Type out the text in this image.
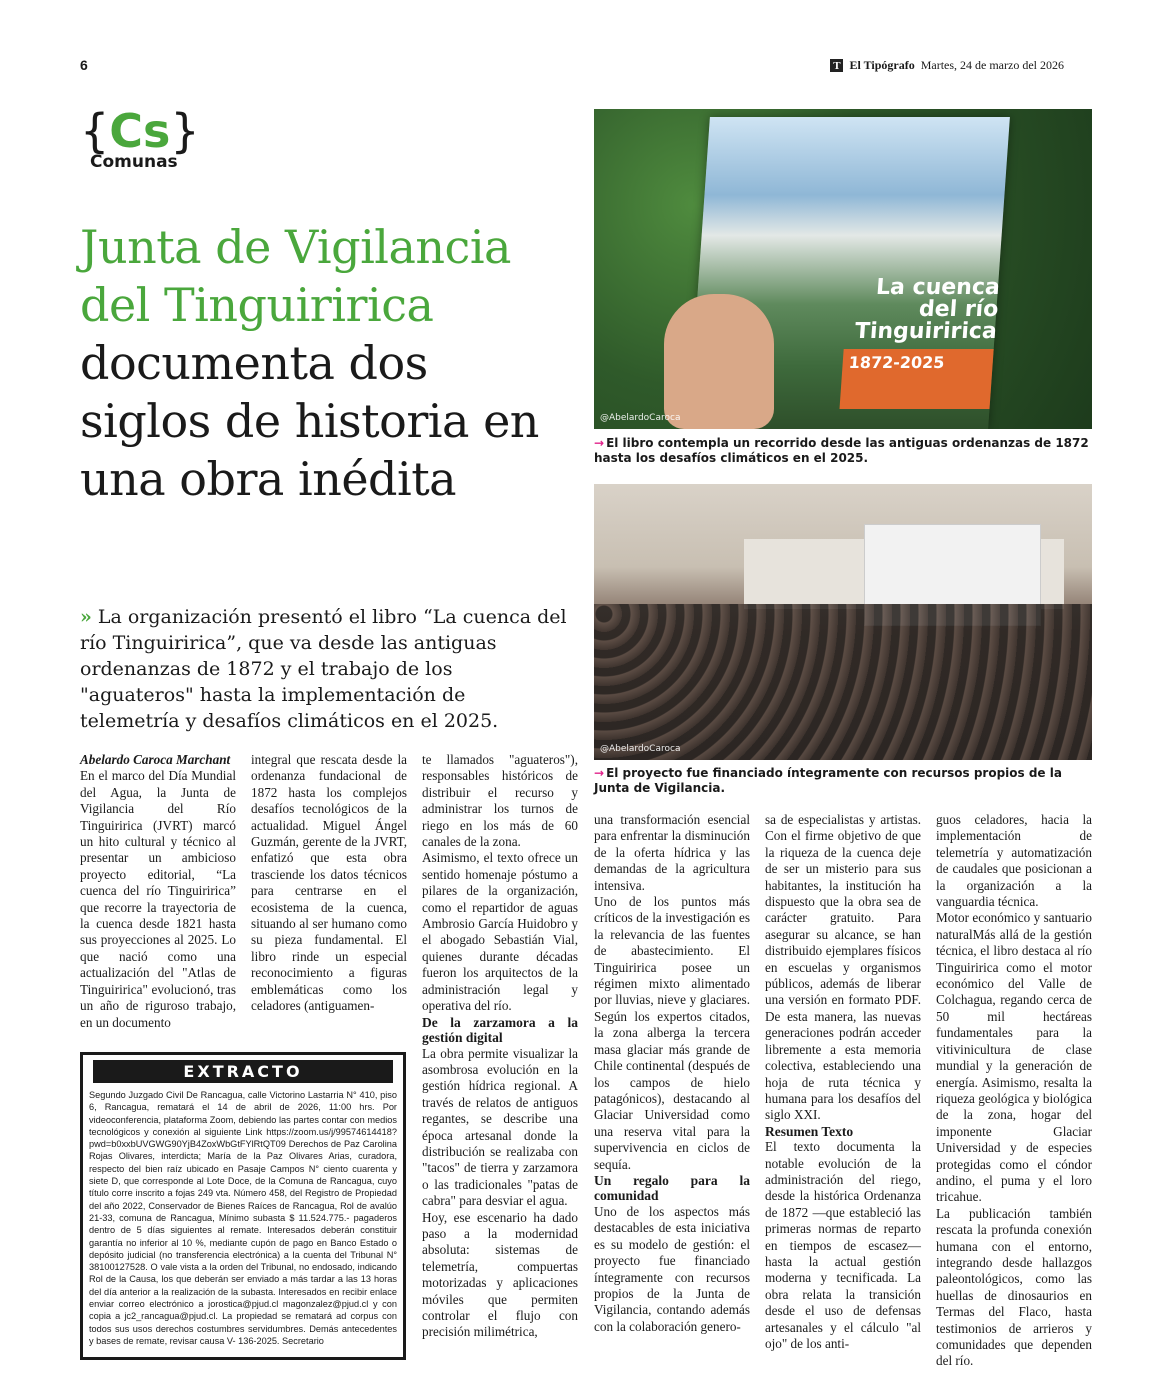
6	T El Tipógrafo Martes, 24 de marzo del 2026
{Cs}
Comunas
Junta de Vigilancia
del Tinguiririca
documenta dos
siglos de historia en
una obra inédita
» La organización presentó el libro “La cuenca del río Tinguiririca”, que va desde las antiguas ordenanzas de 1872 y el trabajo de los "aguateros" hasta la implementación de telemetría y desafíos climáticos en el 2025.
La cuenca del río Tinguiririca
1872-2025
@AbelardoCaroca
→ El libro contempla un recorrido desde las antiguas ordenanzas de 1872 hasta los desafíos climáticos en el 2025.
@AbelardoCaroca
→ El proyecto fue financiado íntegramente con recursos propios de la Junta de Vigilancia.

Abelardo Caroca Marchant

En el marco del Día Mundial del Agua, la Junta de Vigilancia del Río Tinguiririca (JVRT) marcó un hito cultural y técnico al presentar un ambicioso proyecto editorial, “La cuenca del río Tinguiririca” que recorre la trayectoria de la cuenca desde 1821 hasta sus proyecciones al 2025. Lo que nació como una actualización del "Atlas de Tinguiririca" evolucionó, tras un año de riguroso trabajo, en un documento

integral que rescata desde la ordenanza fundacional de 1872 hasta los complejos desafíos tecnológicos de la actualidad. Miguel Ángel Guzmán, gerente de la JVRT, enfatizó que esta obra trasciende los datos técnicos para centrarse en el ecosistema de la cuenca, situando al ser humano como su pieza fundamental. El libro rinde un especial reconocimiento a figuras emblemáticas como los celadores (antiguamen-

te llamados "aguateros"), responsables históricos de distribuir el recurso y administrar los turnos de riego en los más de 60 canales de la zona.

Asimismo, el texto ofrece un sentido homenaje póstumo a pilares de la organización, como el repartidor de aguas Ambrosio García Huidobro y el abogado Sebastián Vial, quienes durante décadas fueron los arquitectos de la administración legal y operativa del río.

De la zarzamora a la gestión digital

La obra permite visualizar la asombrosa evolución en la gestión hídrica regional. A través de relatos de antiguos regantes, se describe una época artesanal donde la distribución se realizaba con "tacos" de tierra y zarzamora o las tradicionales "patas de cabra" para desviar el agua.

Hoy, ese escenario ha dado paso a la modernidad absoluta: sistemas de telemetría, compuertas motorizadas y aplicaciones móviles que permiten controlar el flujo con precisión milimétrica,

una transformación esencial para enfrentar la disminución de la oferta hídrica y las demandas de la agricultura intensiva.

Uno de los puntos más críticos de la investigación es la relevancia de las fuentes de abastecimiento. El Tinguiririca posee un régimen mixto alimentado por lluvias, nieve y glaciares. Según los expertos citados, la zona alberga la tercera masa glaciar más grande de Chile continental (después de los campos de hielo patagónicos), destacando al Glaciar Universidad como una reserva vital para la supervivencia en ciclos de sequía.

Un regalo para la comunidad

Uno de los aspectos más destacables de esta iniciativa es su modelo de gestión: el proyecto fue financiado íntegramente con recursos propios de la Junta de Vigilancia, contando además con la colaboración genero-

sa de especialistas y artistas. Con el firme objetivo de que la riqueza de la cuenca deje de ser un misterio para sus habitantes, la institución ha dispuesto que la obra sea de carácter gratuito. Para asegurar su alcance, se han distribuido ejemplares físicos en escuelas y organismos públicos, además de liberar una versión en formato PDF. De esta manera, las nuevas generaciones podrán acceder libremente a esta memoria colectiva, estableciendo una hoja de ruta técnica y humana para los desafíos del siglo XXI.

Resumen Texto

El texto documenta la notable evolución de la administración del riego, desde la histórica Ordenanza de 1872 —que estableció las primeras normas de reparto en tiempos de escasez— hasta la actual gestión moderna y tecnificada. La obra relata la transición desde el uso de defensas artesanales y el cálculo "al ojo" de los anti-

guos celadores, hacia la implementación de telemetría y automatización de caudales que posicionan a la organización a la vanguardia técnica.

Motor económico y santuario naturalMás allá de la gestión técnica, el libro destaca al río Tinguiririca como el motor económico del Valle de Colchagua, regando cerca de 50 mil hectáreas fundamentales para la vitivinicultura de clase mundial y la generación de energía. Asimismo, resalta la riqueza geológica y biológica de la zona, hogar del imponente Glaciar Universidad y de especies protegidas como el cóndor andino, el puma y el loro tricahue.

La publicación también rescata la profunda conexión humana con el entorno, integrando desde hallazgos paleontológicos, como las huellas de dinosaurios en Termas del Flaco, hasta testimonios de arrieros y comunidades que dependen del río.

EXTRACTO
Segundo Juzgado Civil De Rancagua, calle Victorino Lastarria N° 410, piso 6, Rancagua, rematará el 14 de abril de 2026, 11:00 hrs. Por videoconferencia, plataforma Zoom, debiendo las partes contar con medios tecnológicos y conexión al siguiente Link https://zoom.us/j/99574614418?pwd=b0xxbUVGWG90YjB4ZoxWbGtFYlRtQT09 Derechos de Paz Carolina Rojas Olivares, interdicta; María de la Paz Olivares Arias, curadora, respecto del bien raíz ubicado en Pasaje Campos N° ciento cuarenta y siete D, que corresponde al Lote Doce, de la Comuna de Rancagua, cuyo título corre inscrito a fojas 249 vta. Número 458, del Registro de Propiedad del año 2022, Conservador de Bienes Raíces de Rancagua, Rol de avalúo 21-33, comuna de Rancagua, Mínimo subasta $ 11.524.775.- pagaderos dentro de 5 días siguientes al remate. Interesados deberán constituir garantía no inferior al 10 %, mediante cupón de pago en Banco Estado o depósito judicial (no transferencia electrónica) a la cuenta del Tribunal N° 38100127528. O vale vista a la orden del Tribunal, no endosado, indicando Rol de la Causa, los que deberán ser enviado a más tardar a las 13 horas del día anterior a la realización de la subasta. Interesados en recibir enlace enviar correo electrónico a jorostica@pjud.cl magonzalez@pjud.cl y con copia a jc2_rancagua@pjud.cl. La propiedad se rematará ad corpus con todos sus usos derechos costumbres servidumbres. Demás antecedentes y bases de remate, revisar causa V- 136-2025. Secretario
